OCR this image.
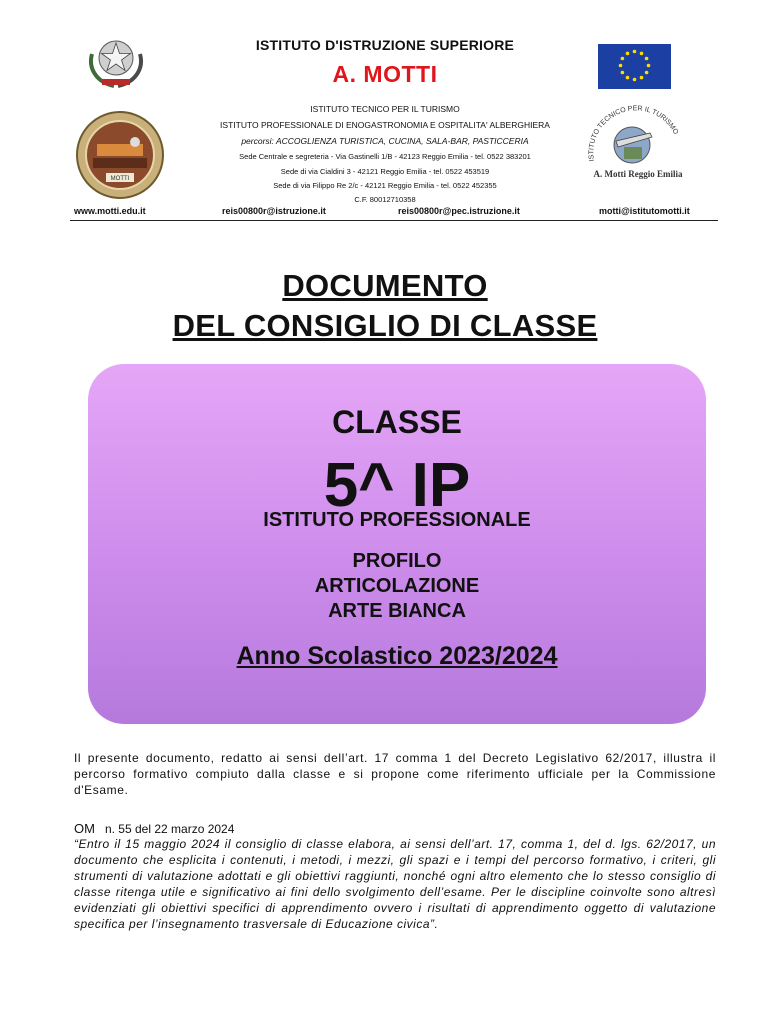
MOTTI
ISTITUTO TECNICO PER IL TURISMO
A. Motti Reggio Emilia
ISTITUTO D'ISTRUZIONE SUPERIORE
A. MOTTI
ISTITUTO TECNICO PER IL TURISMO
ISTITUTO PROFESSIONALE DI ENOGASTRONOMIA E OSPITALITA' ALBERGHIERA
percorsi: ACCOGLIENZA TURISTICA, CUCINA, SALA-BAR, PASTICCERIA
Sede Centrale e segreteria - Via Gastinelli 1/B - 42123 Reggio Emilia - tel. 0522 383201
Sede di via Cialdini 3 - 42121 Reggio Emilia - tel. 0522 453519
Sede di via Filippo Re 2/c - 42121 Reggio Emilia - tel. 0522 452355
C.F. 80012710358
www.motti.edu.it	reis00800r@istruzione.it	reis00800r@pec.istruzione.it	motti@istitutomotti.it
DOCUMENTO
DEL CONSIGLIO DI CLASSE
CLASSE
5^ IP
ISTITUTO PROFESSIONALE
PROFILO
ARTICOLAZIONE
ARTE BIANCA
Anno Scolastico 2023/2024
Il presente documento, redatto ai sensi dell’art. 17 comma 1 del Decreto Legislativo 62/2017, illustra il percorso formativo compiuto dalla classe e si propone come riferimento ufficiale per la Commissione d'Esame.
OM n. 55 del 22 marzo 2024
“Entro il 15 maggio 2024 il consiglio di classe elabora, ai sensi dell’art. 17, comma 1, del d. lgs. 62/2017, un documento che esplicita i contenuti, i metodi, i mezzi, gli spazi e i tempi del percorso formativo, i criteri, gli strumenti di valutazione adottati e gli obiettivi raggiunti, nonché ogni altro elemento che lo stesso consiglio di classe ritenga utile e significativo ai fini dello svolgimento dell’esame. Per le discipline coinvolte sono altresì evidenziati gli obiettivi specifici di apprendimento ovvero i risultati di apprendimento oggetto di valutazione specifica per l’insegnamento trasversale di Educazione civica”.
